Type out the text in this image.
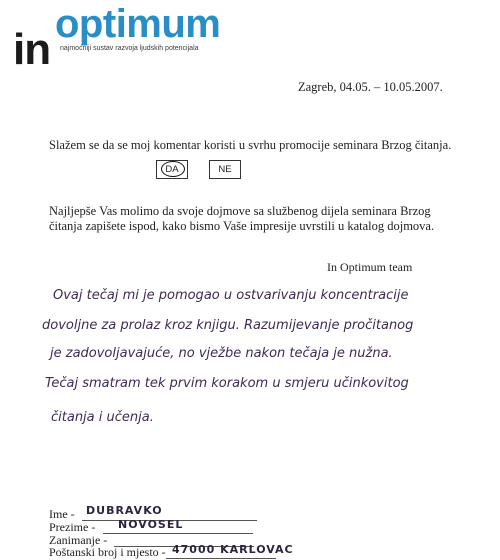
optimum
in najmoćniji sustav razvoja ljudskih potencijala
Zagreb, 04.05. – 10.05.2007.
Slažem se da se moj komentar koristi u svrhu promocije seminara Brzog čitanja.
DA	NE
Najljepše Vas molimo da svoje dojmove sa službenog dijela seminara Brzog čitanja zapišete ispod, kako bismo Vaše impresije uvrstili u katalog dojmova.
In Optimum team
Ovaj tečaj mi je pomogao u ostvarivanju koncentracije
dovoljne za prolaz kroz knjigu. Razumijevanje pročitanog
je zadovoljavajuće, no vježbe nakon tečaja je nužna.
Tečaj smatram tek prvim korakom u smjeru učinkovitog
čitanja i učenja.
Ime - DUBRAVKO
Prezime - NOVOSEL
Zanimanje -
Poštanski broj i mjesto - 47000 KARLOVAC
